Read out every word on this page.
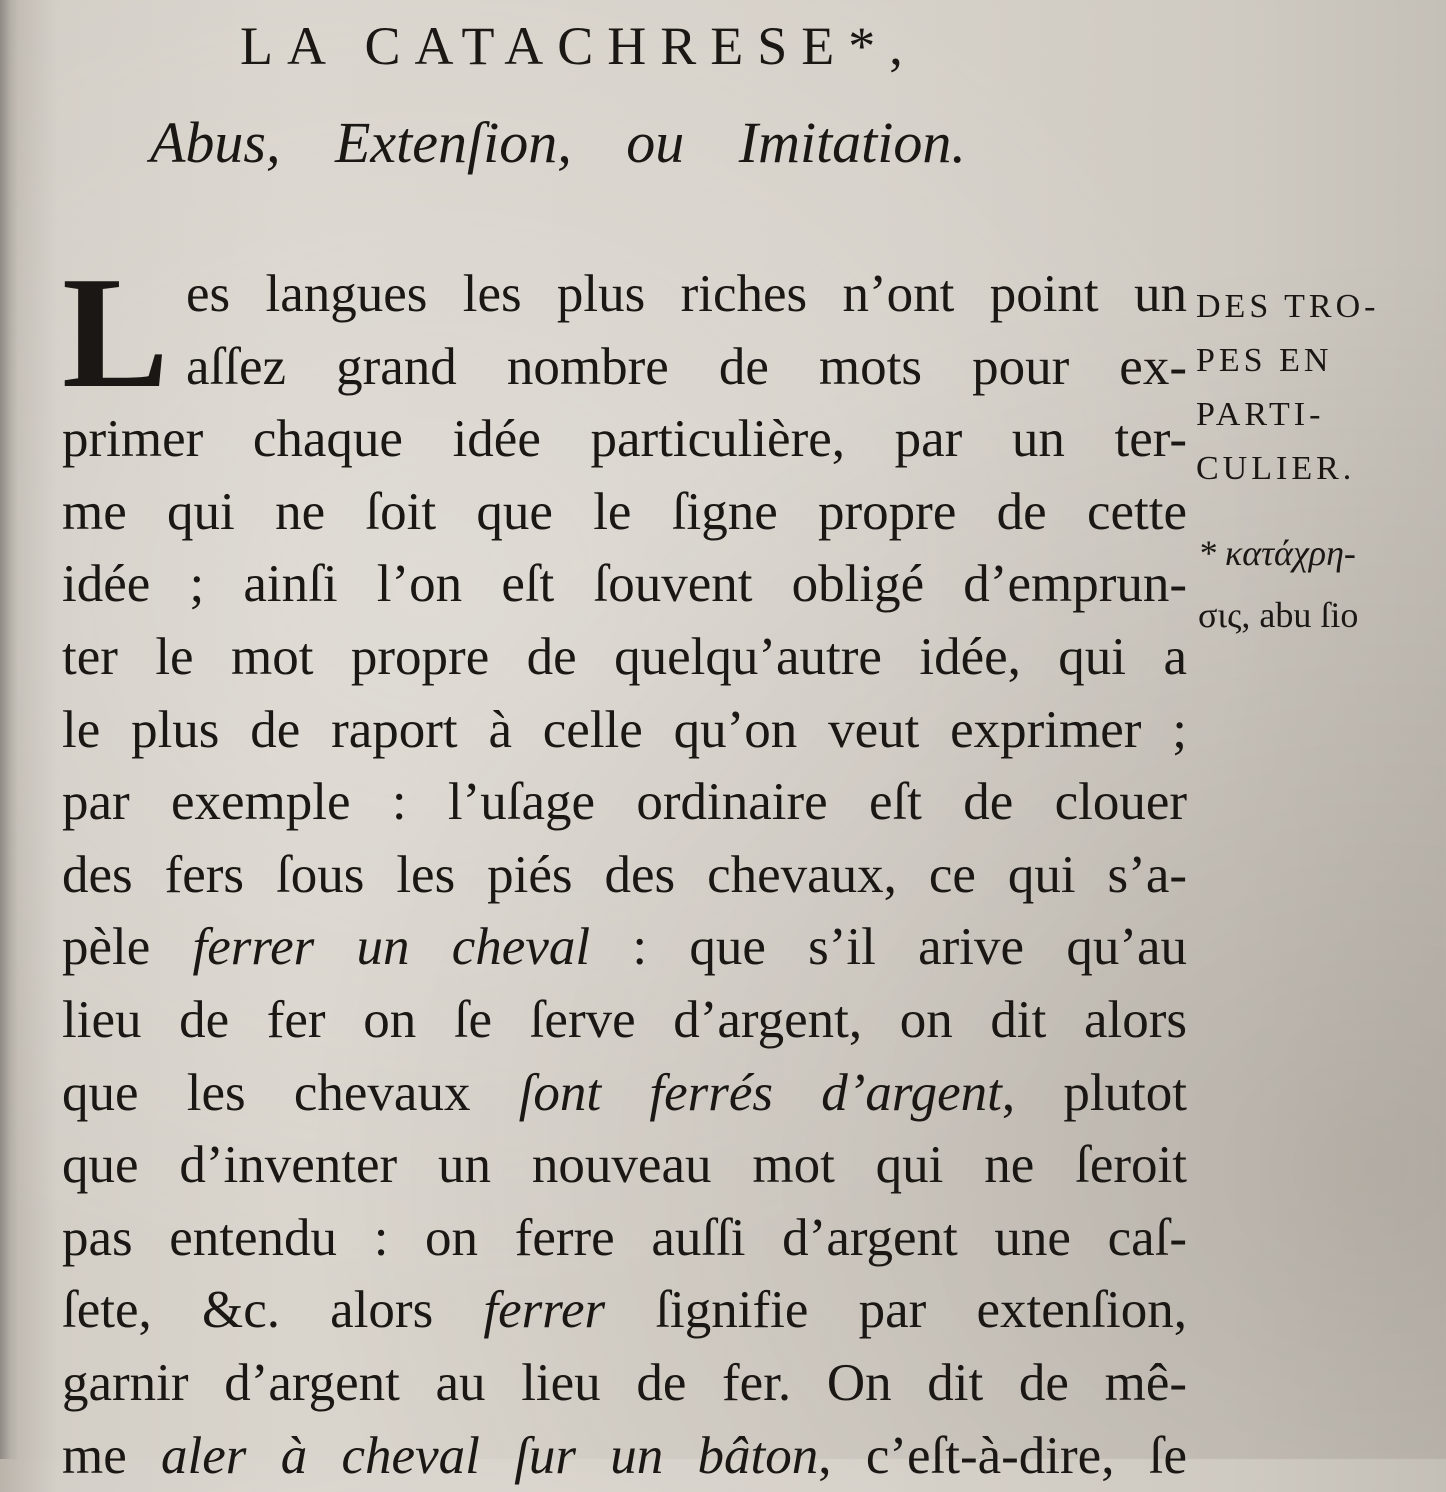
LA CATACHRESE*,
Abus, Extenſion, ou Imitation.
L es langues les plus riches n’ont point un
aſſez grand nombre de mots pour ex-
primer chaque idée particulière, par un ter-
me qui ne ſoit que le ſigne propre de cette
idée ; ainſi l’on eſt ſouvent obligé d’emprun-
ter le mot propre de quelqu’autre idée, qui a
le plus de raport à celle qu’on veut exprimer ;
par exemple : l’uſage ordinaire eſt de clouer
des fers ſous les piés des chevaux, ce qui s’a-
pèle ferrer un cheval : que s’il arive qu’au
lieu de fer on ſe ſerve d’argent, on dit alors
que les chevaux ſont ferrés d’argent, plutot
que d’inventer un nouveau mot qui ne ſeroit
pas entendu : on ferre auſſi d’argent une caſ-
ſete, &c. alors ferrer ſignifie par extenſion,
garnir d’argent au lieu de fer. On dit de mê-
me aler à cheval ſur un bâton, c’eſt-à-dire, ſe
DES TRO-
PES EN
PARTI-
CULIER.
* κατάχρη-
σις, abu ſio
